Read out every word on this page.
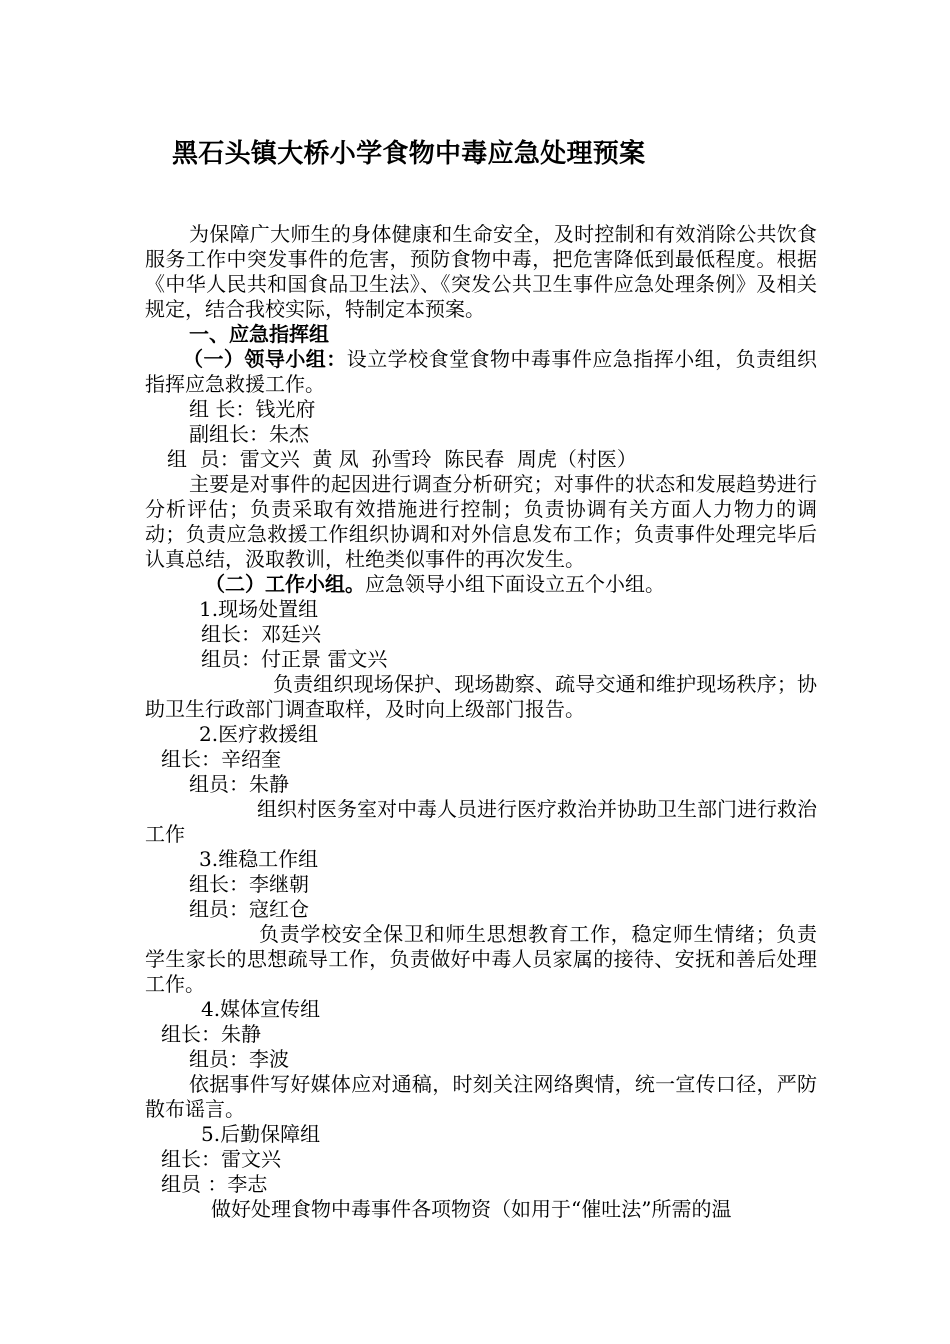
黑石头镇大桥小学食物中毒应急处理预案

为保障广大师生的身体健康和生命安全，及时控制和有效消除公共饮食服务工作中突发事件的危害，预防食物中毒，把危害降低到最低程度。根据《中华人民共和国食品卫生法》、《突发公共卫生事件应急处理条例》及相关规定，结合我校实际，特制定本预案。

一、应急指挥组

（一）领导小组：设立学校食堂食物中毒事件应急指挥小组，负责组织指挥应急救援工作。

组 长：钱光府

副组长：朱杰

组  员：雷文兴  黄 凤  孙雪玲  陈民春  周虎（村医）

主要是对事件的起因进行调查分析研究；对事件的状态和发展趋势进行分析评估；负责采取有效措施进行控制；负责协调有关方面人力物力的调动；负责应急救援工作组织协调和对外信息发布工作；负责事件处理完毕后认真总结，汲取教训，杜绝类似事件的再次发生。

（二）工作小组。应急领导小组下面设立五个小组。

1.现场处置组

组长：邓廷兴

组员：付正景 雷文兴

负责组织现场保护、现场勘察、疏导交通和维护现场秩序；协助卫生行政部门调查取样，及时向上级部门报告。

2.医疗救援组

组长：辛绍奎

组员：朱静

组织村医务室对中毒人员进行医疗救治并协助卫生部门进行救治工作

3.维稳工作组

组长：李继朝

组员：寇红仓

负责学校安全保卫和师生思想教育工作，稳定师生情绪；负责学生家长的思想疏导工作，负责做好中毒人员家属的接待、安抚和善后处理工作。

4.媒体宣传组

组长：朱静

组员：李波

依据事件写好媒体应对通稿，时刻关注网络舆情，统一宣传口径，严防散布谣言。

5.后勤保障组

组长：雷文兴

组员 ：李志

做好处理食物中毒事件各项物资（如用于“催吐法”所需的温
